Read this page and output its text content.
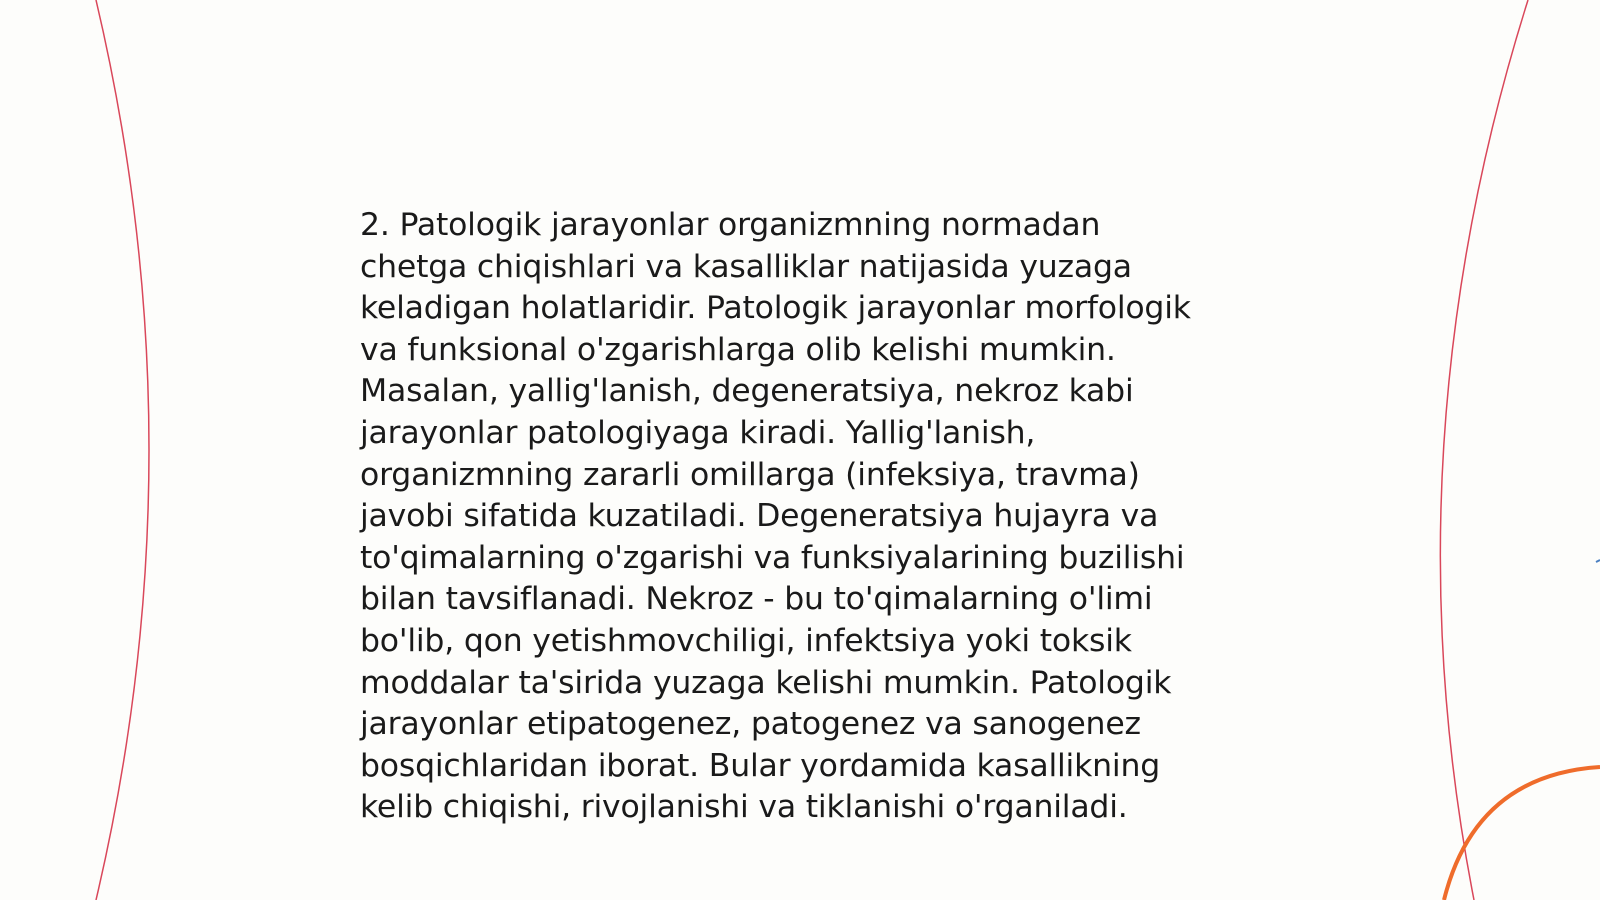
2. Patologik jarayonlar organizmning normadan
chetga chiqishlari va kasalliklar natijasida yuzaga
keladigan holatlaridir. Patologik jarayonlar morfologik
va funksional o'zgarishlarga olib kelishi mumkin.
Masalan, yallig'lanish, degeneratsiya, nekroz kabi
jarayonlar patologiyaga kiradi. Yallig'lanish,
organizmning zararli omillarga (infeksiya, travma)
javobi sifatida kuzatiladi. Degeneratsiya hujayra va
to'qimalarning o'zgarishi va funksiyalarining buzilishi
bilan tavsiflanadi. Nekroz - bu to'qimalarning o'limi
bo'lib, qon yetishmovchiligi, infektsiya yoki toksik
moddalar ta'sirida yuzaga kelishi mumkin. Patologik
jarayonlar etipatogenez, patogenez va sanogenez
bosqichlaridan iborat. Bular yordamida kasallikning
kelib chiqishi, rivojlanishi va tiklanishi o'rganiladi.
